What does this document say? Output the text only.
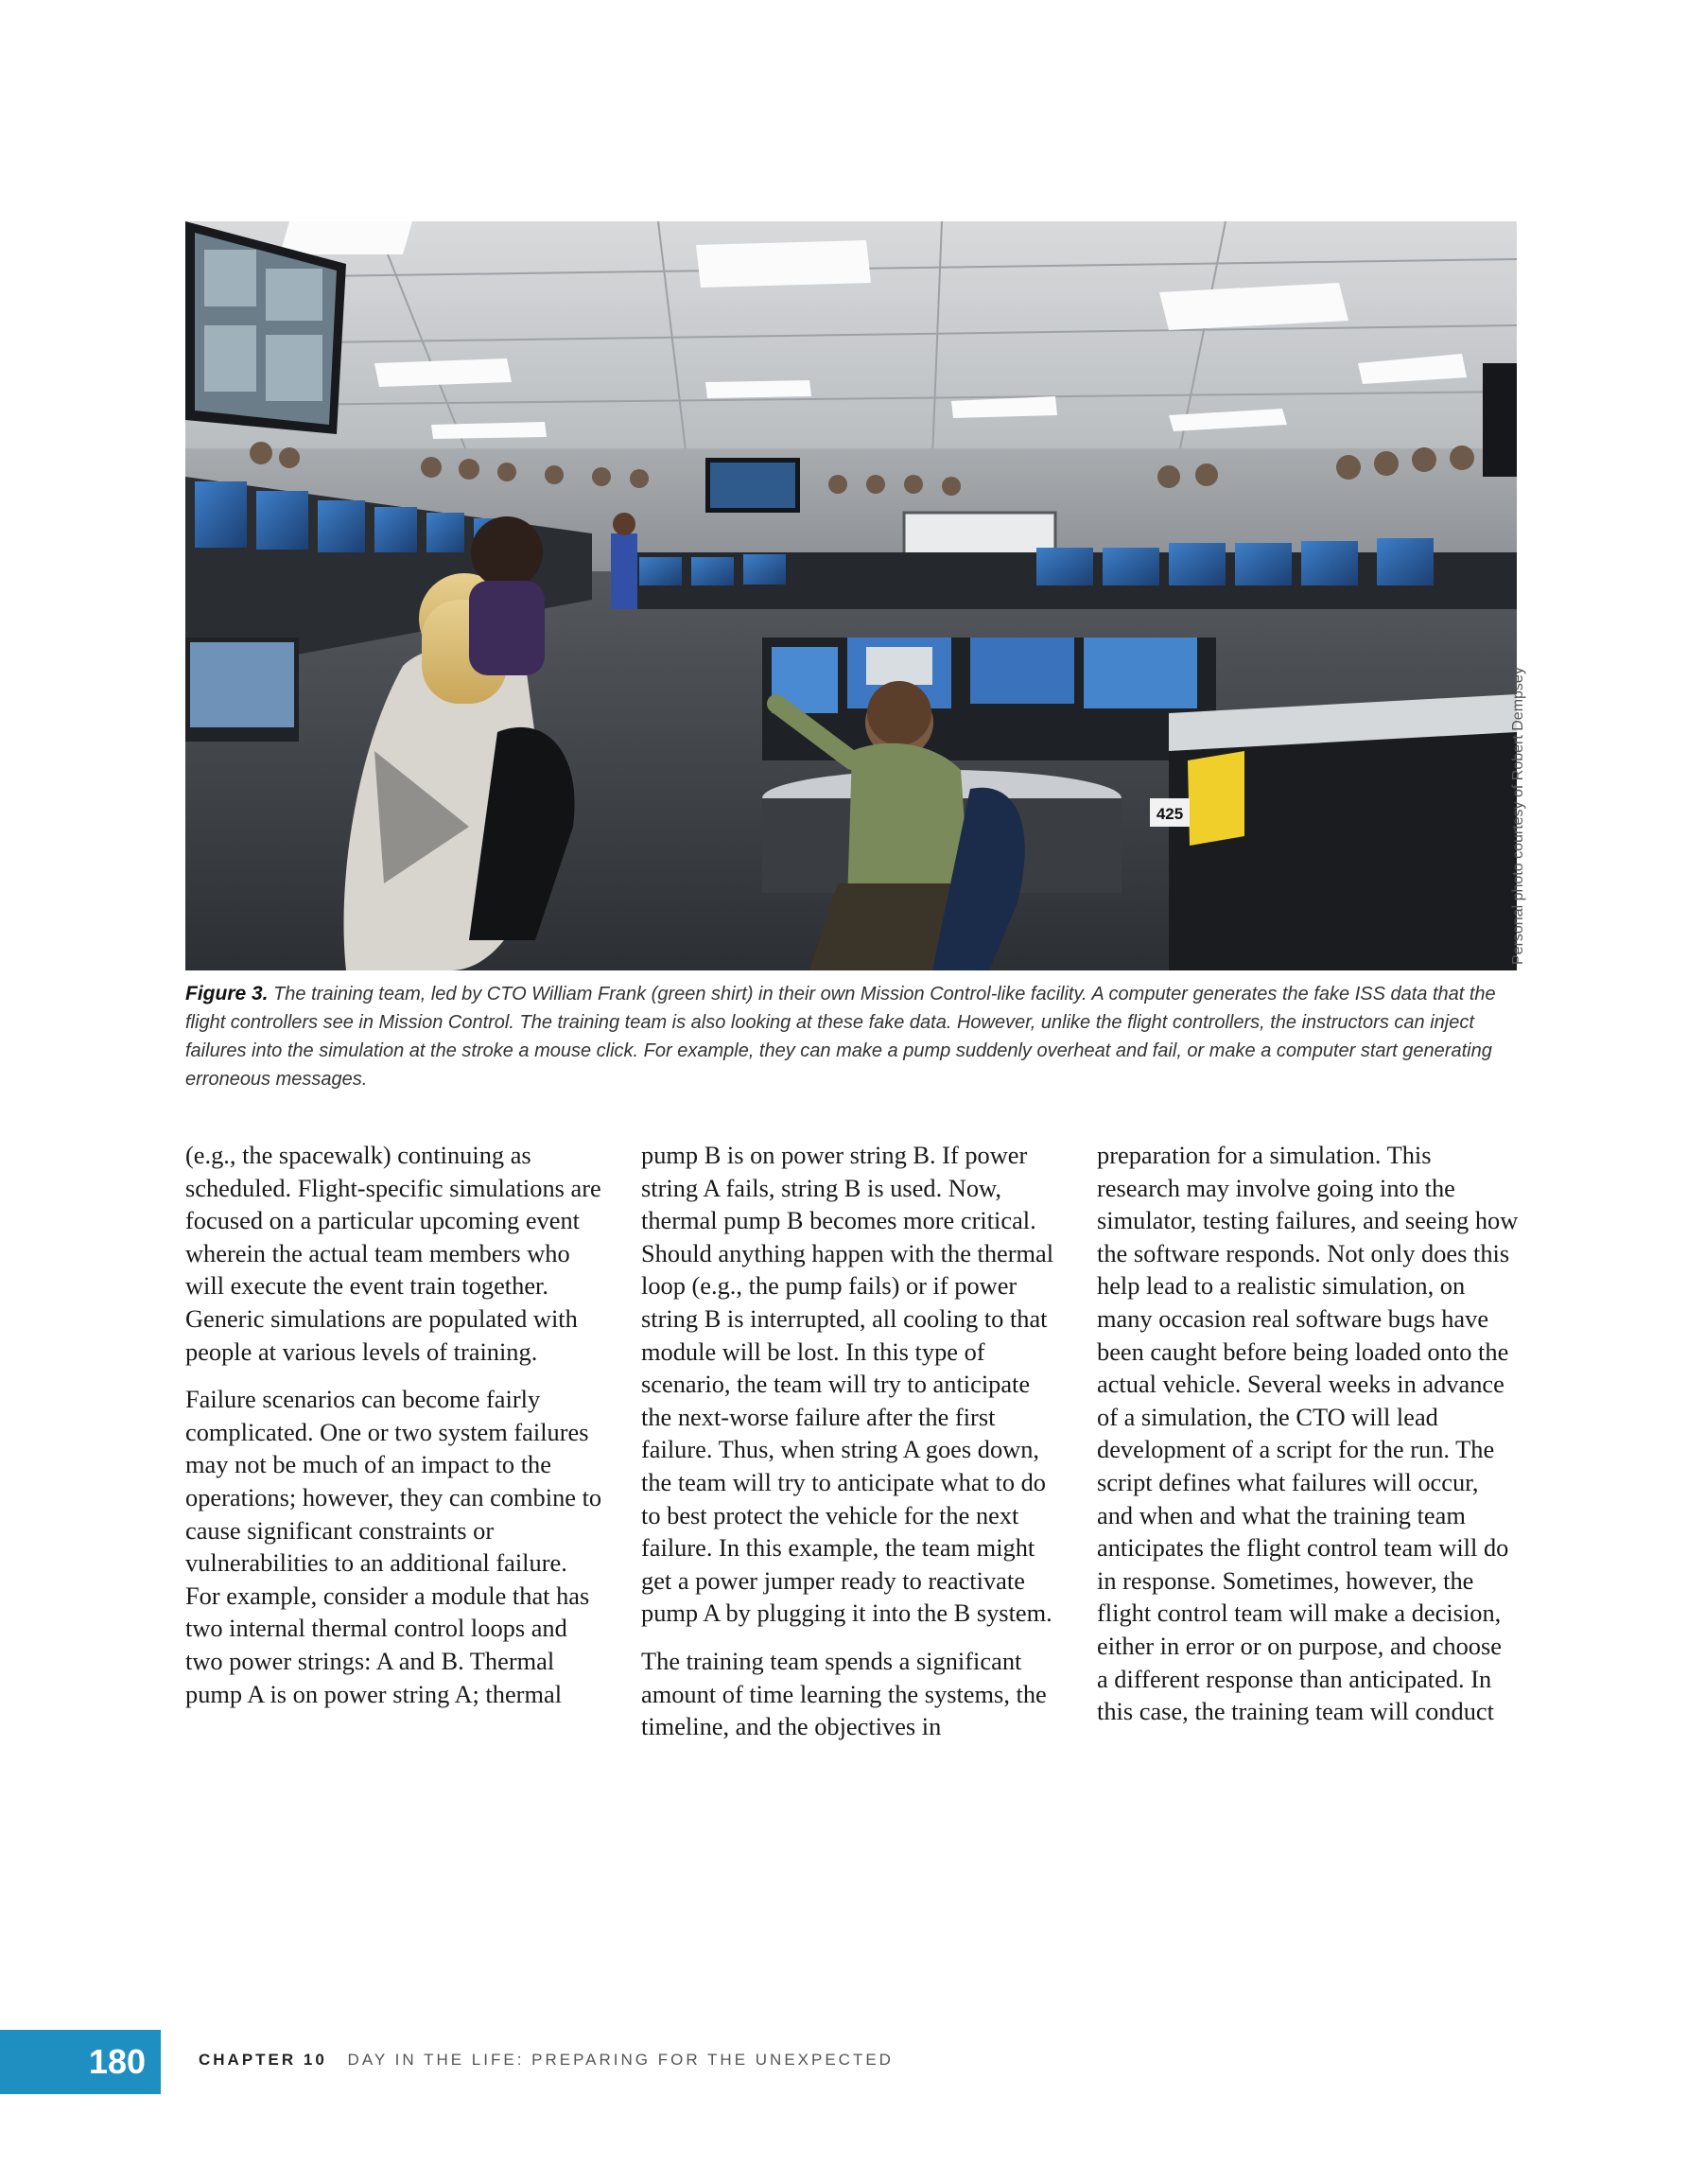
425	Personal photo courtesy of Robert Dempsey
Figure 3. The training team, led by CTO William Frank (green shirt) in their own Mission Control-like facility. A computer generates the fake ISS data that the flight controllers see in Mission Control. The training team is also looking at these fake data. However, unlike the flight controllers, the instructors can inject failures into the simulation at the stroke a mouse click. For example, they can make a pump suddenly overheat and fail, or make a computer start generating erroneous messages.

(e.g., the spacewalk) continuing as scheduled. Flight-specific simulations are focused on a particular upcoming event wherein the actual team members who will execute the event train together. Generic simulations are populated with people at various levels of training.

Failure scenarios can become fairly complicated. One or two system failures may not be much of an impact to the operations; however, they can combine to cause significant constraints or vulnerabilities to an additional failure. For example, consider a module that has two internal thermal control loops and two power strings: A and B. Thermal pump A is on power string A; thermal

pump B is on power string B. If power string A fails, string B is used. Now, thermal pump B becomes more critical. Should anything happen with the thermal loop (e.g., the pump fails) or if power string B is interrupted, all cooling to that module will be lost. In this type of scenario, the team will try to anticipate the next-worse failure after the first failure. Thus, when string A goes down, the team will try to anticipate what to do to best protect the vehicle for the next failure. In this example, the team might get a power jumper ready to reactivate pump A by plugging it into the B system.

The training team spends a significant amount of time learning the systems, the timeline, and the objectives in

preparation for a simulation. This research may involve going into the simulator, testing failures, and seeing how the software responds. Not only does this help lead to a realistic simulation, on many occasion real software bugs have been caught before being loaded onto the actual vehicle. Several weeks in advance of a simulation, the CTO will lead development of a script for the run. The script defines what failures will occur, and when and what the training team anticipates the flight control team will do in response. Sometimes, however, the flight control team will make a decision, either in error or on purpose, and choose a different response than anticipated. In this case, the training team will conduct

180	CHAPTER 10 DAY IN THE LIFE: PREPARING FOR THE UNEXPECTED
